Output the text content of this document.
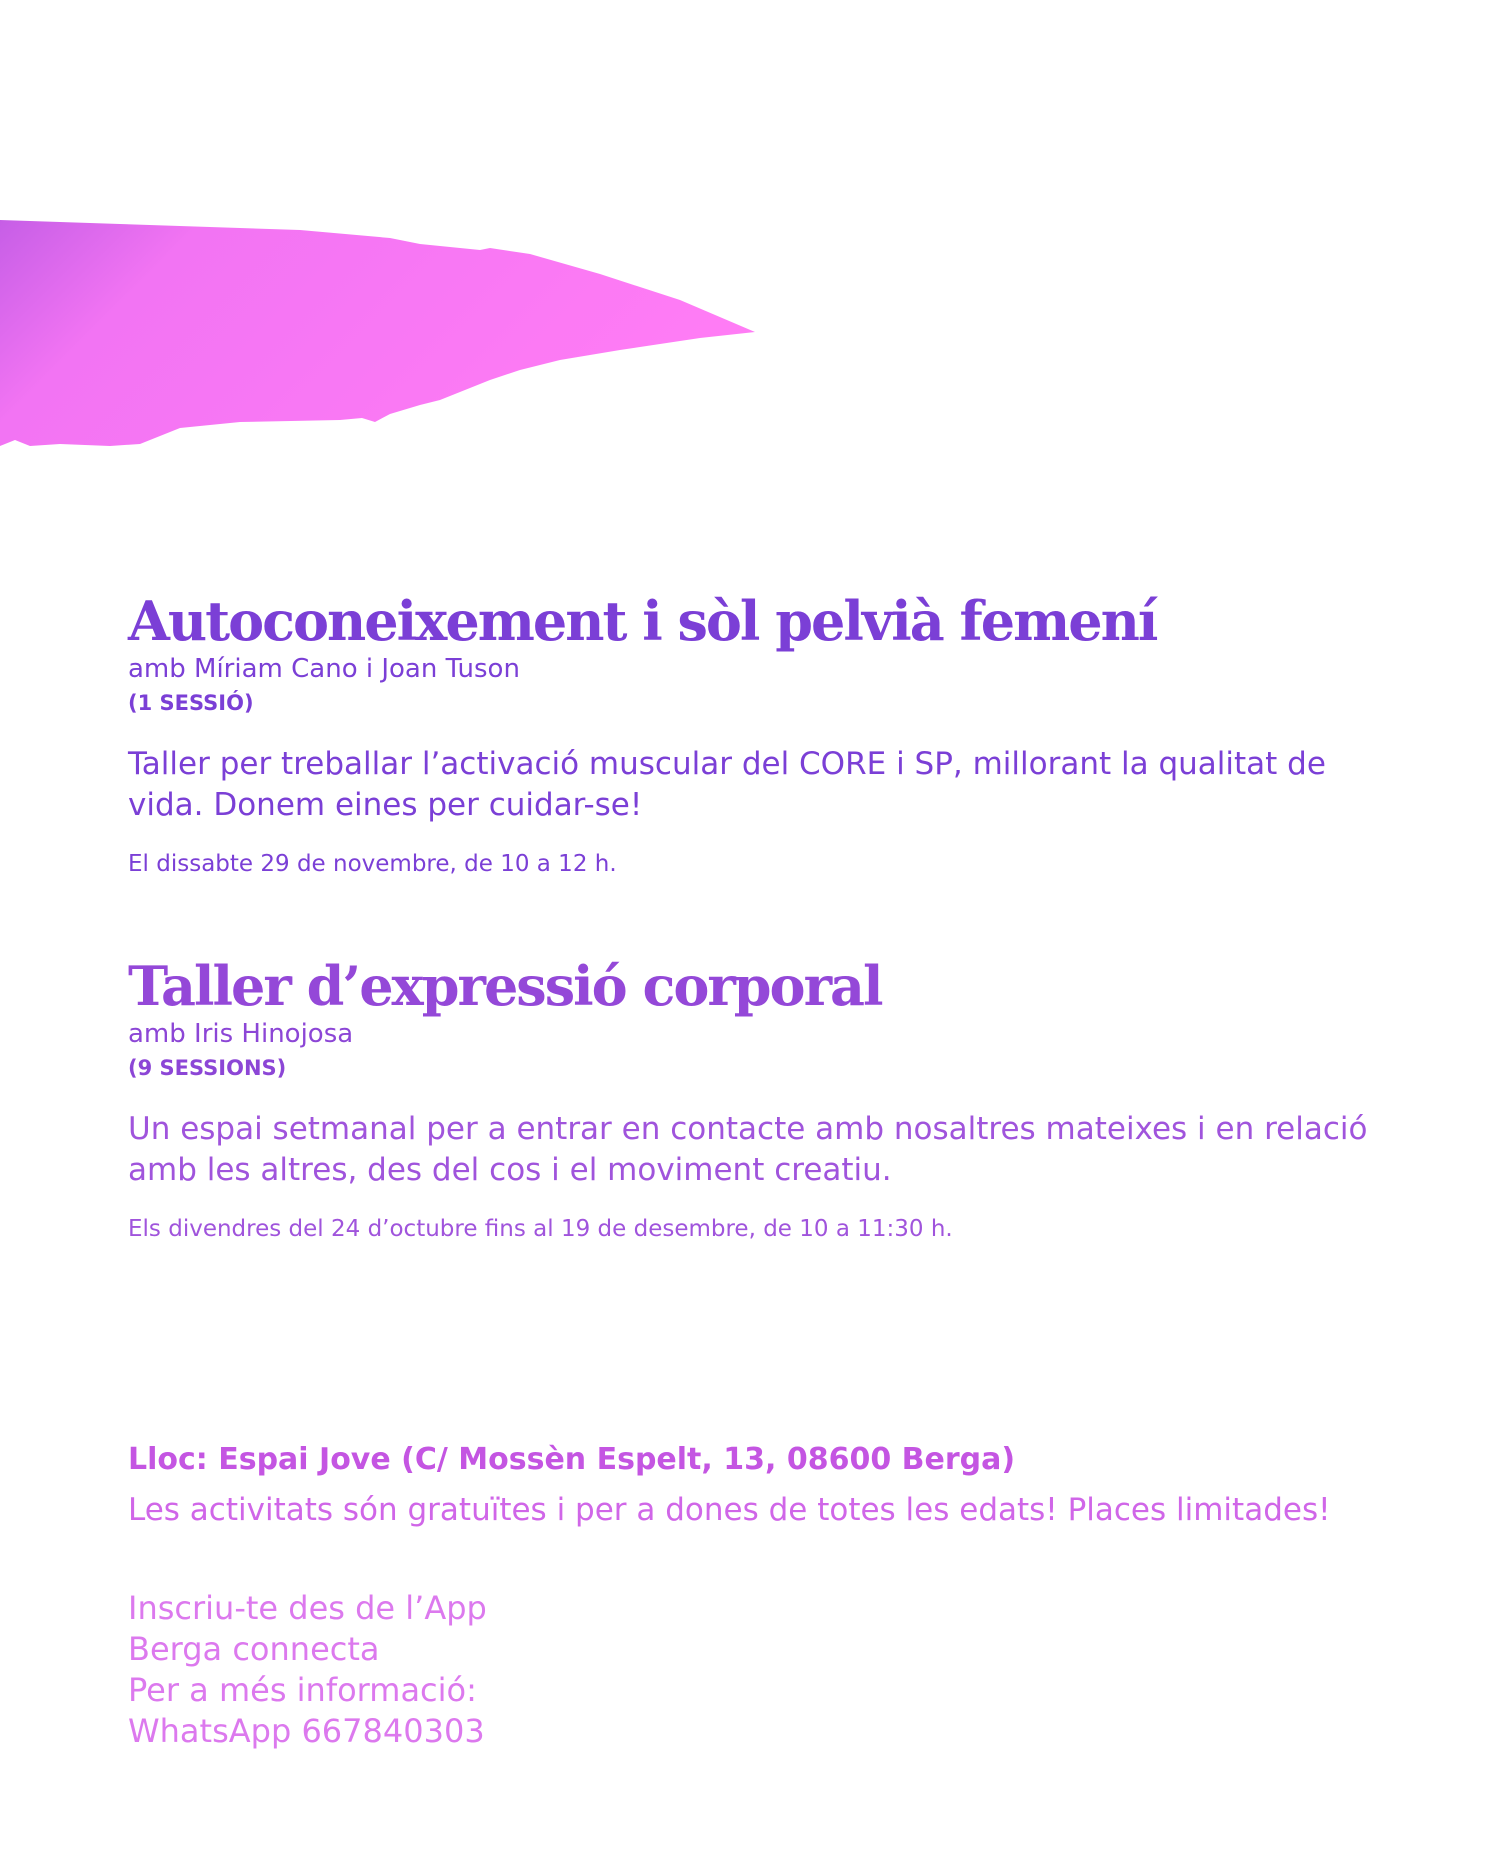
Autoconeixement i sòl pelvià femení

amb Míriam Cano i Joan Tuson

(1 SESSIÓ)

Taller per treballar l’activació muscular del CORE i SP, millorant la qualitat de vida. Donem eines per cuidar-se!

El dissabte 29 de novembre, de 10 a 12 h.

Taller d’expressió corporal

amb Iris Hinojosa

(9 SESSIONS)

Un espai setmanal per a entrar en contacte amb nosaltres mateixes i en relació amb les altres, des del cos i el moviment creatiu.

Els divendres del 24 d’octubre fins al 19 de desembre, de 10 a 11:30 h.

Lloc: Espai Jove (C/ Mossèn Espelt, 13, 08600 Berga)

Les activitats són gratuïtes i per a dones de totes les edats! Places limitades!

Inscriu-te des de l’App

Berga connecta

Per a més informació:

WhatsApp 667840303
